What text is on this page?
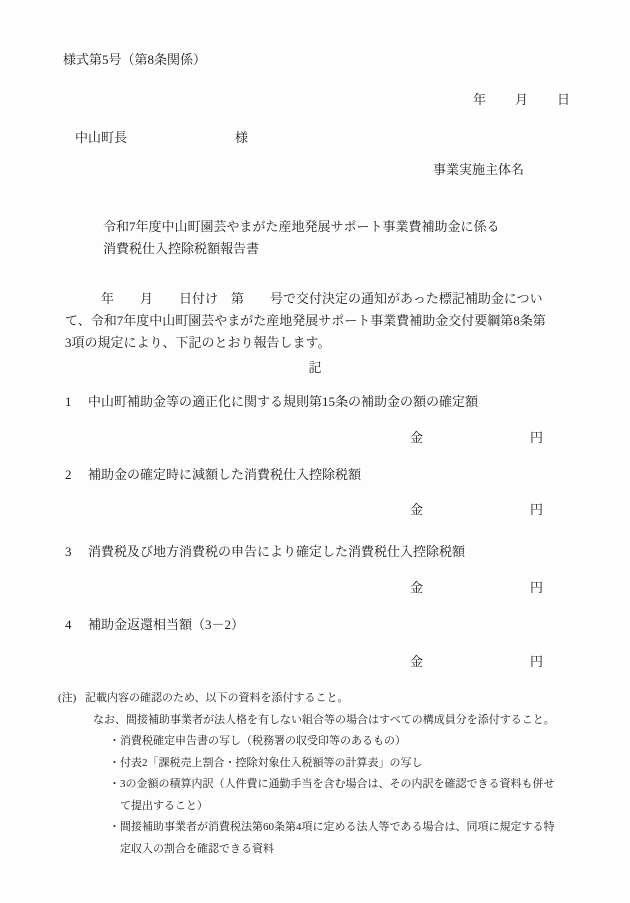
様式第5号（第8条関係）
年　　月　　日
中山町長	様
事業実施主体名
令和7年度中山町園芸やまがた産地発展サポート事業費補助金に係る
消費税仕入控除税額報告書
年　　月　　日付け　第　　号で交付決定の通知があった標記補助金につい
て、令和7年度中山町園芸やまがた産地発展サポート事業費補助金交付要綱第8条第
3項の規定により、下記のとおり報告します。
記
1 中山町補助金等の適正化に関する規則第15条の補助金の額の確定額
金	円
2 補助金の確定時に減額した消費税仕入控除税額
金	円
3 消費税及び地方消費税の申告により確定した消費税仕入控除税額
金	円
4 補助金返還相当額（3－2）
金	円
(注) 記載内容の確認のため、以下の資料を添付すること。
なお、間接補助事業者が法人格を有しない組合等の場合はすべての構成員分を添付すること。
・消費税確定申告書の写し（税務署の収受印等のあるもの）
・付表2「課税売上割合・控除対象仕入税額等の計算表」の写し
・3の金額の積算内訳（人件費に通勤手当を含む場合は、その内訳を確認できる資料も併せて提出すること）
・間接補助事業者が消費税法第60条第4項に定める法人等である場合は、同項に規定する特定収入の割合を確認できる資料
